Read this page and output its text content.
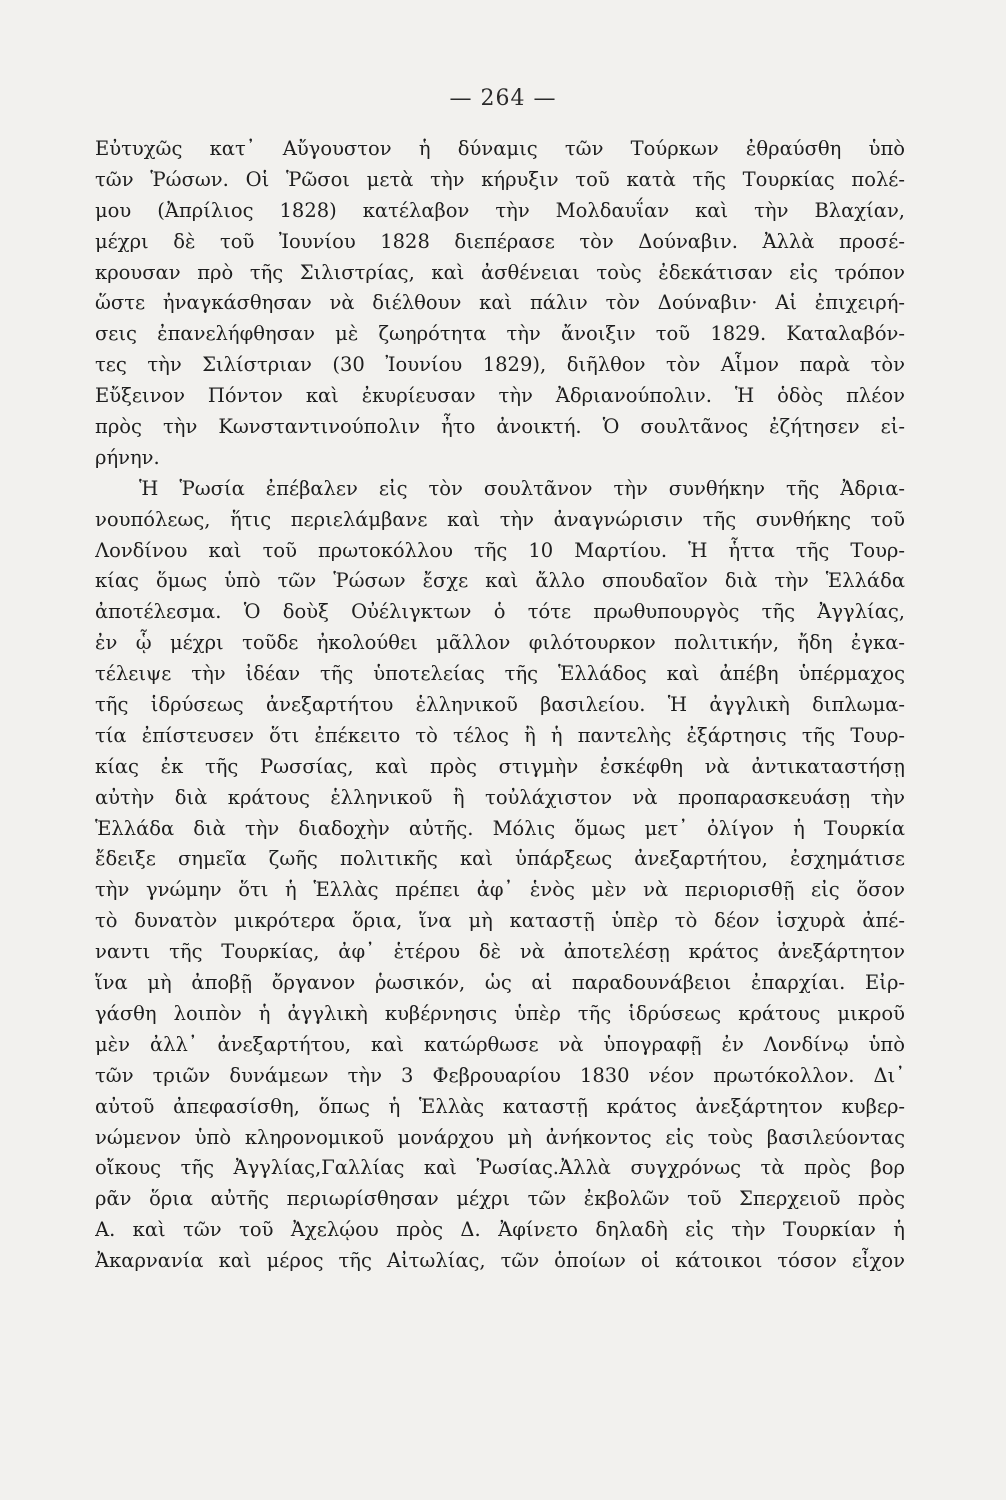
— 264 —
Εὐτυχῶς κατ᾿ Αὔγουστον ἡ δύναμις τῶν Τούρκων ἐθραύσθη ὑπὸ
τῶν Ῥώσων. Οἱ Ῥῶσοι μετὰ τὴν κήρυξιν τοῦ κατὰ τῆς Τουρκίας πολέ-
μου (Ἀπρίλιος 1828) κατέλαβον τὴν Μολδαυΐαν καὶ τὴν Βλαχίαν,
μέχρι δὲ τοῦ Ἰουνίου 1828 διεπέρασε τὸν Δούναβιν. Ἀλλὰ προσέ-
κρουσαν πρὸ τῆς Σιλιστρίας, καὶ ἀσθένειαι τοὺς ἐδεκάτισαν εἰς τρόπον
ὥστε ἠναγκάσθησαν νὰ διέλθουν καὶ πάλιν τὸν Δούναβιν· Αἱ ἐπιχειρή-
σεις ἐπανελήφθησαν μὲ ζωηρότητα τὴν ἄνοιξιν τοῦ 1829. Καταλαβόν-
τες τὴν Σιλίστριαν (30 Ἰουνίου 1829), διῆλθον τὸν Αἷμον παρὰ τὸν
Εὔξεινον Πόντον καὶ ἐκυρίευσαν τὴν Ἀδριανούπολιν. Ἡ ὁδὸς πλέον
πρὸς τὴν Κωνσταντινούπολιν ἦτο ἀνοικτή. Ὁ σουλτᾶνος ἐζήτησεν εἰ-
ρήνην.
Ἡ Ῥωσία ἐπέβαλεν εἰς τὸν σουλτᾶνον τὴν συνθήκην τῆς Ἀδρια-
νουπόλεως, ἥτις περιελάμβανε καὶ τὴν ἀναγνώρισιν τῆς συνθήκης τοῦ
Λονδίνου καὶ τοῦ πρωτοκόλλου τῆς 10 Μαρτίου. Ἡ ἧττα τῆς Τουρ-
κίας ὅμως ὑπὸ τῶν Ῥώσων ἔσχε καὶ ἄλλο σπουδαῖον διὰ τὴν Ἑλλάδα
ἀποτέλεσμα. Ὁ δοὺξ Οὐέλιγκτων ὁ τότε πρωθυπουργὸς τῆς Ἀγγλίας,
ἐν ᾧ μέχρι τοῦδε ἠκολούθει μᾶλλον φιλότουρκον πολιτικήν, ἤδη ἐγκα-
τέλειψε τὴν ἰδέαν τῆς ὑποτελείας τῆς Ἑλλάδος καὶ ἀπέβη ὑπέρμαχος
τῆς ἱδρύσεως ἀνεξαρτήτου ἑλληνικοῦ βασιλείου. Ἡ ἀγγλικὴ διπλωμα-
τία ἐπίστευσεν ὅτι ἐπέκειτο τὸ τέλος ἢ ἡ παντελὴς ἐξάρτησις τῆς Τουρ-
κίας ἐκ τῆς Ρωσσίας, καὶ πρὸς στιγμὴν ἐσκέφθη νὰ ἀντικαταστήσῃ
αὐτὴν διὰ κράτους ἑλληνικοῦ ἢ τοὐλάχιστον νὰ προπαρασκευάσῃ τὴν
Ἑλλάδα διὰ τὴν διαδοχὴν αὐτῆς. Μόλις ὅμως μετ᾿ ὀλίγον ἡ Τουρκία
ἔδειξε σημεῖα ζωῆς πολιτικῆς καὶ ὑπάρξεως ἀνεξαρτήτου, ἐσχημάτισε
τὴν γνώμην ὅτι ἡ Ἑλλὰς πρέπει ἀφ᾿ ἑνὸς μὲν νὰ περιορισθῇ εἰς ὅσον
τὸ δυνατὸν μικρότερα ὅρια, ἵνα μὴ καταστῇ ὑπὲρ τὸ δέον ἰσχυρὰ ἀπέ-
ναντι τῆς Τουρκίας, ἀφ᾿ ἑτέρου δὲ νὰ ἀποτελέσῃ κράτος ἀνεξάρτητον
ἵνα μὴ ἀποβῇ ὄργανον ῥωσικόν, ὡς αἱ παραδουνάβειοι ἐπαρχίαι. Εἰρ-
γάσθη λοιπὸν ἡ ἀγγλικὴ κυβέρνησις ὑπὲρ τῆς ἱδρύσεως κράτους μικροῦ
μὲν ἀλλ᾿ ἀνεξαρτήτου, καὶ κατώρθωσε νὰ ὑπογραφῇ ἐν Λονδίνῳ ὑπὸ
τῶν τριῶν δυνάμεων τὴν 3 Φεβρουαρίου 1830 νέον πρωτόκολλον. Δι᾿
αὐτοῦ ἀπεφασίσθη, ὅπως ἡ Ἑλλὰς καταστῇ κράτος ἀνεξάρτητον κυβερ-
νώμενον ὑπὸ κληρονομικοῦ μονάρχου μὴ ἀνήκοντος εἰς τοὺς βασιλεύοντας
οἴκους τῆς Ἀγγλίας,Γαλλίας καὶ Ῥωσίας.Ἀλλὰ συγχρόνως τὰ πρὸς βορ
ρᾶν ὅρια αὐτῆς περιωρίσθησαν μέχρι τῶν ἐκβολῶν τοῦ Σπερχειοῦ πρὸς
Α. καὶ τῶν τοῦ Ἀχελῴου πρὸς Δ. Ἀφίνετο δηλαδὴ εἰς τὴν Τουρκίαν ἡ
Ἀκαρνανία καὶ μέρος τῆς Αἰτωλίας, τῶν ὁποίων οἱ κάτοικοι τόσον εἶχον
